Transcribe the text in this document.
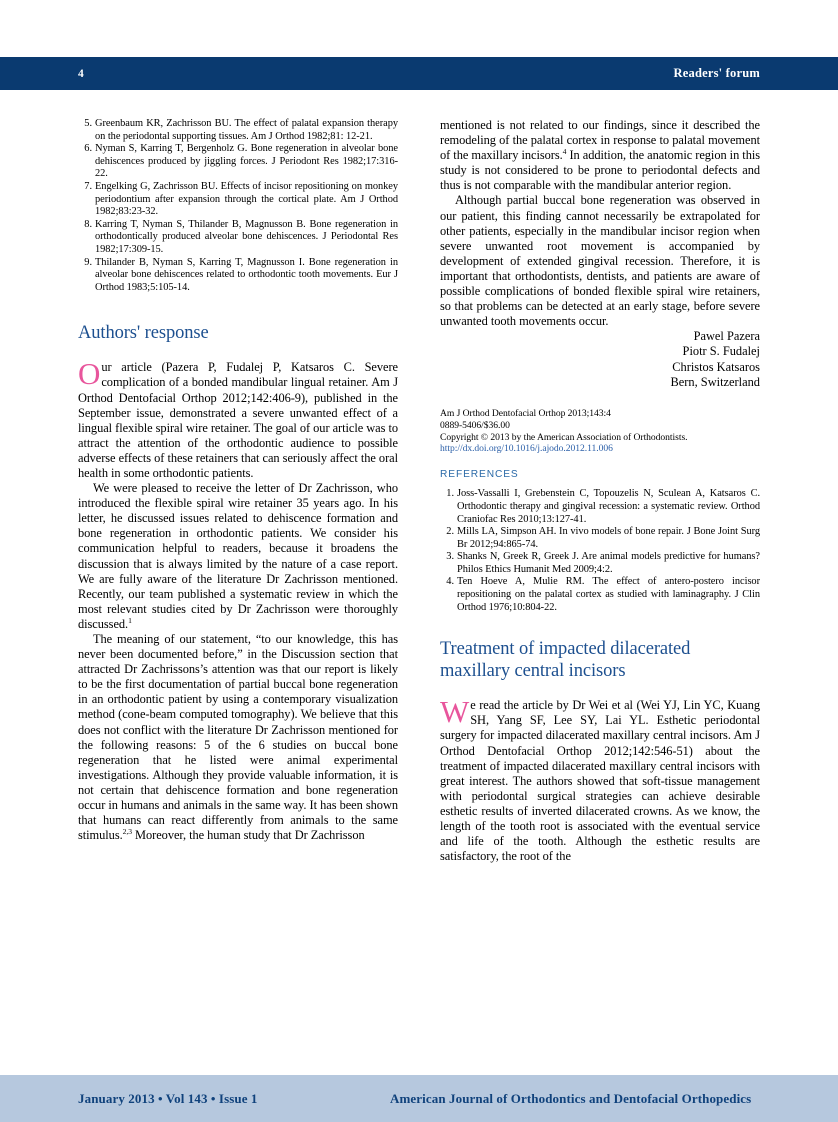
4	Readers' forum
5. Greenbaum KR, Zachrisson BU. The effect of palatal expansion therapy on the periodontal supporting tissues. Am J Orthod 1982;81: 12-21.
6. Nyman S, Karring T, Bergenholz G. Bone regeneration in alveolar bone dehiscences produced by jiggling forces. J Periodont Res 1982;17:316-22.
7. Engelking G, Zachrisson BU. Effects of incisor repositioning on monkey periodontium after expansion through the cortical plate. Am J Orthod 1982;83:23-32.
8. Karring T, Nyman S, Thilander B, Magnusson B. Bone regeneration in orthodontically produced alveolar bone dehiscences. J Periodontal Res 1982;17:309-15.
9. Thilander B, Nyman S, Karring T, Magnusson I. Bone regeneration in alveolar bone dehiscences related to orthodontic tooth movements. Eur J Orthod 1983;5:105-14.
Authors' response

Our article (Pazera P, Fudalej P, Katsaros C. Severe complication of a bonded mandibular lingual retainer. Am J Orthod Dentofacial Orthop 2012;142:406-9), published in the September issue, demonstrated a severe unwanted effect of a lingual flexible spiral wire retainer. The goal of our article was to attract the attention of the orthodontic audience to possible adverse effects of these retainers that can seriously affect the oral health in some orthodontic patients.

We were pleased to receive the letter of Dr Zachrisson, who introduced the flexible spiral wire retainer 35 years ago. In his letter, he discussed issues related to dehiscence formation and bone regeneration in orthodontic patients. We consider his communication helpful to readers, because it broadens the discussion that is always limited by the nature of a case report. We are fully aware of the literature Dr Zachrisson mentioned. Recently, our team published a systematic review in which the most relevant studies cited by Dr Zachrisson were thoroughly discussed.$^1$

The meaning of our statement, “to our knowledge, this has never been documented before,” in the Discussion section that attracted Dr Zachrissons’s attention was that our report is likely to be the first documentation of partial buccal bone regeneration in an orthodontic patient by using a contemporary visualization method (cone-beam computed tomography). We believe that this does not conflict with the literature Dr Zachrisson mentioned for the following reasons: 5 of the 6 studies on buccal bone regeneration that he listed were animal experimental investigations. Although they provide valuable information, it is not certain that dehiscence formation and bone regeneration occur in humans and animals in the same way. It has been shown that humans can react differently from animals to the same stimulus.$^{2,3}$ Moreover, the human study that Dr Zachrisson

mentioned is not related to our findings, since it described the remodeling of the palatal cortex in response to palatal movement of the maxillary incisors.$^4$ In addition, the anatomic region in this study is not considered to be prone to periodontal defects and thus is not comparable with the mandibular anterior region.

Although partial buccal bone regeneration was observed in our patient, this finding cannot necessarily be extrapolated for other patients, especially in the mandibular incisor region when severe unwanted root movement is accompanied by development of extended gingival recession. Therefore, it is important that orthodontists, dentists, and patients are aware of possible complications of bonded flexible spiral wire retainers, so that problems can be detected at an early stage, before severe unwanted tooth movements occur.

Pawel Pazera
Piotr S. Fudalej
Christos Katsaros
Bern, Switzerland
Am J Orthod Dentofacial Orthop 2013;143:4
0889-5406/$36.00
Copyright © 2013 by the American Association of Orthodontists.
http://dx.doi.org/10.1016/j.ajodo.2012.11.006

REFERENCES

1. Joss-Vassalli I, Grebenstein C, Topouzelis N, Sculean A, Katsaros C. Orthodontic therapy and gingival recession: a systematic review. Orthod Craniofac Res 2010;13:127-41.
2. Mills LA, Simpson AH. In vivo models of bone repair. J Bone Joint Surg Br 2012;94:865-74.
3. Shanks N, Greek R, Greek J. Are animal models predictive for humans? Philos Ethics Humanit Med 2009;4:2.
4. Ten Hoeve A, Mulie RM. The effect of antero-postero incisor repositioning on the palatal cortex as studied with laminagraphy. J Clin Orthod 1976;10:804-22.
Treatment of impacted dilacerated maxillary central incisors

We read the article by Dr Wei et al (Wei YJ, Lin YC, Kuang SH, Yang SF, Lee SY, Lai YL. Esthetic periodontal surgery for impacted dilacerated maxillary central incisors. Am J Orthod Dentofacial Orthop 2012;142:546-51) about the treatment of impacted dilacerated maxillary central incisors with great interest. The authors showed that soft-tissue management with periodontal surgical strategies can achieve desirable esthetic results of inverted dilacerated crowns. As we know, the length of the tooth root is associated with the eventual service and life of the tooth. Although the esthetic results are satisfactory, the root of the

January 2013 • Vol 143 • Issue 1	American Journal of Orthodontics and Dentofacial Orthopedics
